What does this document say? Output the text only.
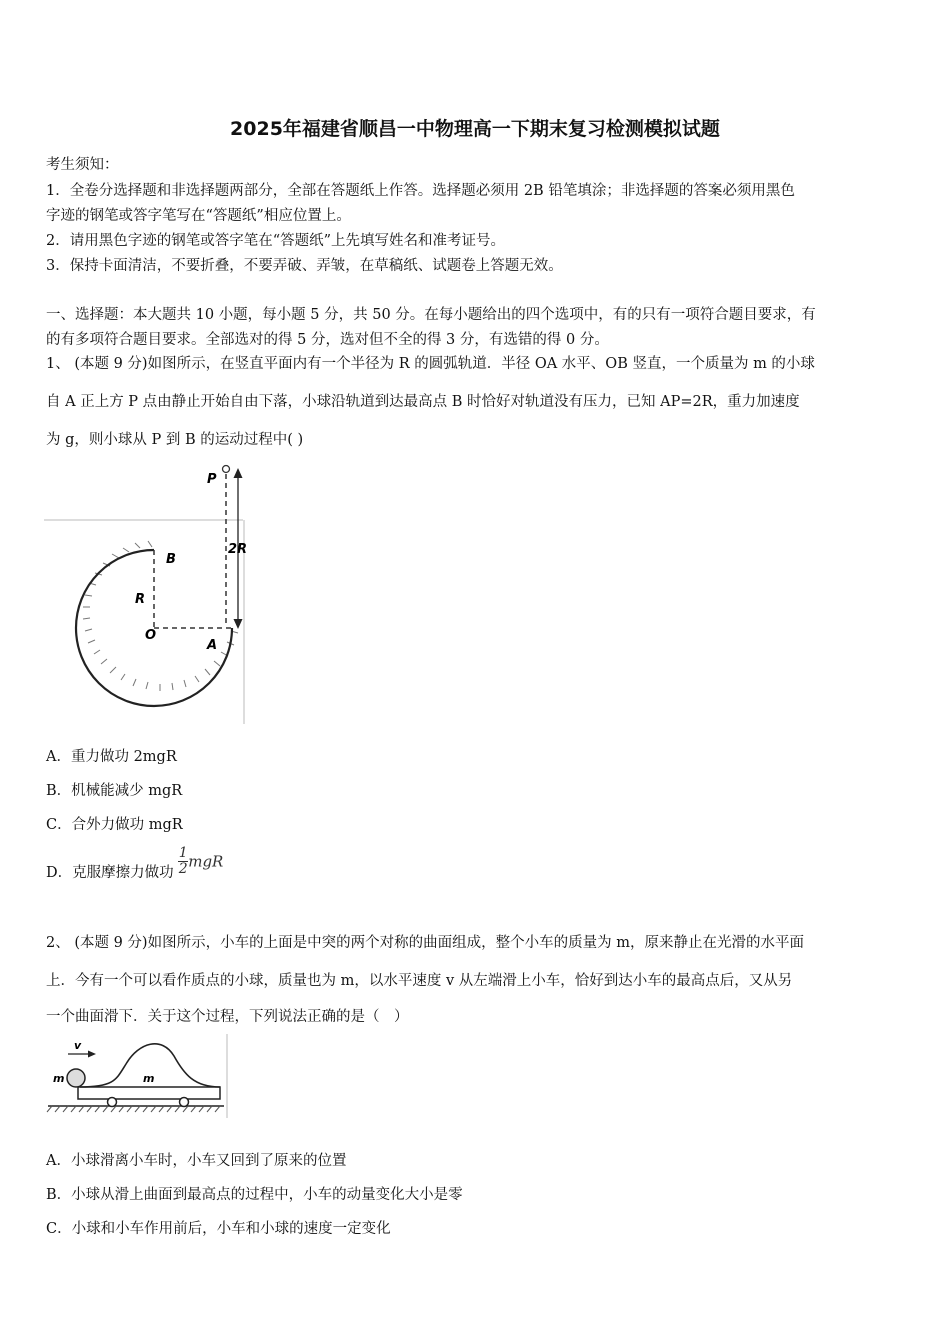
2025年福建省顺昌一中物理高一下期末复习检测模拟试题
考生须知：
1．全卷分选择题和非选择题两部分，全部在答题纸上作答。选择题必须用 2B 铅笔填涂；非选择题的答案必须用黑色
字迹的钢笔或答字笔写在“答题纸”相应位置上。
2．请用黑色字迹的钢笔或答字笔在“答题纸”上先填写姓名和准考证号。
3．保持卡面清洁，不要折叠，不要弄破、弄皱，在草稿纸、试题卷上答题无效。
一、选择题：本大题共 10 小题，每小题 5 分，共 50 分。在每小题给出的四个选项中，有的只有一项符合题目要求，有
的有多项符合题目要求。全部选对的得 5 分，选对但不全的得 3 分，有选错的得 0 分。
1、 (本题 9 分)如图所示，在竖直平面内有一个半径为 R 的圆弧轨道．半径 OA 水平、OB 竖直，一个质量为 m 的小球
自 A 正上方 P 点由静止开始自由下落，小球沿轨道到达最高点 B 时恰好对轨道没有压力，已知 AP=2R，重力加速度
为 g，则小球从 P 到 B 的运动过程中( )
P
2R
B
R
O
A
A．重力做功 2mgR
B．机械能减少 mgR
C．合外力做功 mgR
D．克服摩擦力做功 $\frac{1}{2}$ mgR
2、 (本题 9 分)如图所示，小车的上面是中突的两个对称的曲面组成，整个小车的质量为 m，原来静止在光滑的水平面
上．今有一个可以看作质点的小球，质量也为 m，以水平速度 v 从左端滑上小车，恰好到达小车的最高点后，又从另
一个曲面滑下．关于这个过程，下列说法正确的是（　）
v
m	m
A．小球滑离小车时，小车又回到了原来的位置
B．小球从滑上曲面到最高点的过程中，小车的动量变化大小是零
C．小球和小车作用前后，小车和小球的速度一定变化
